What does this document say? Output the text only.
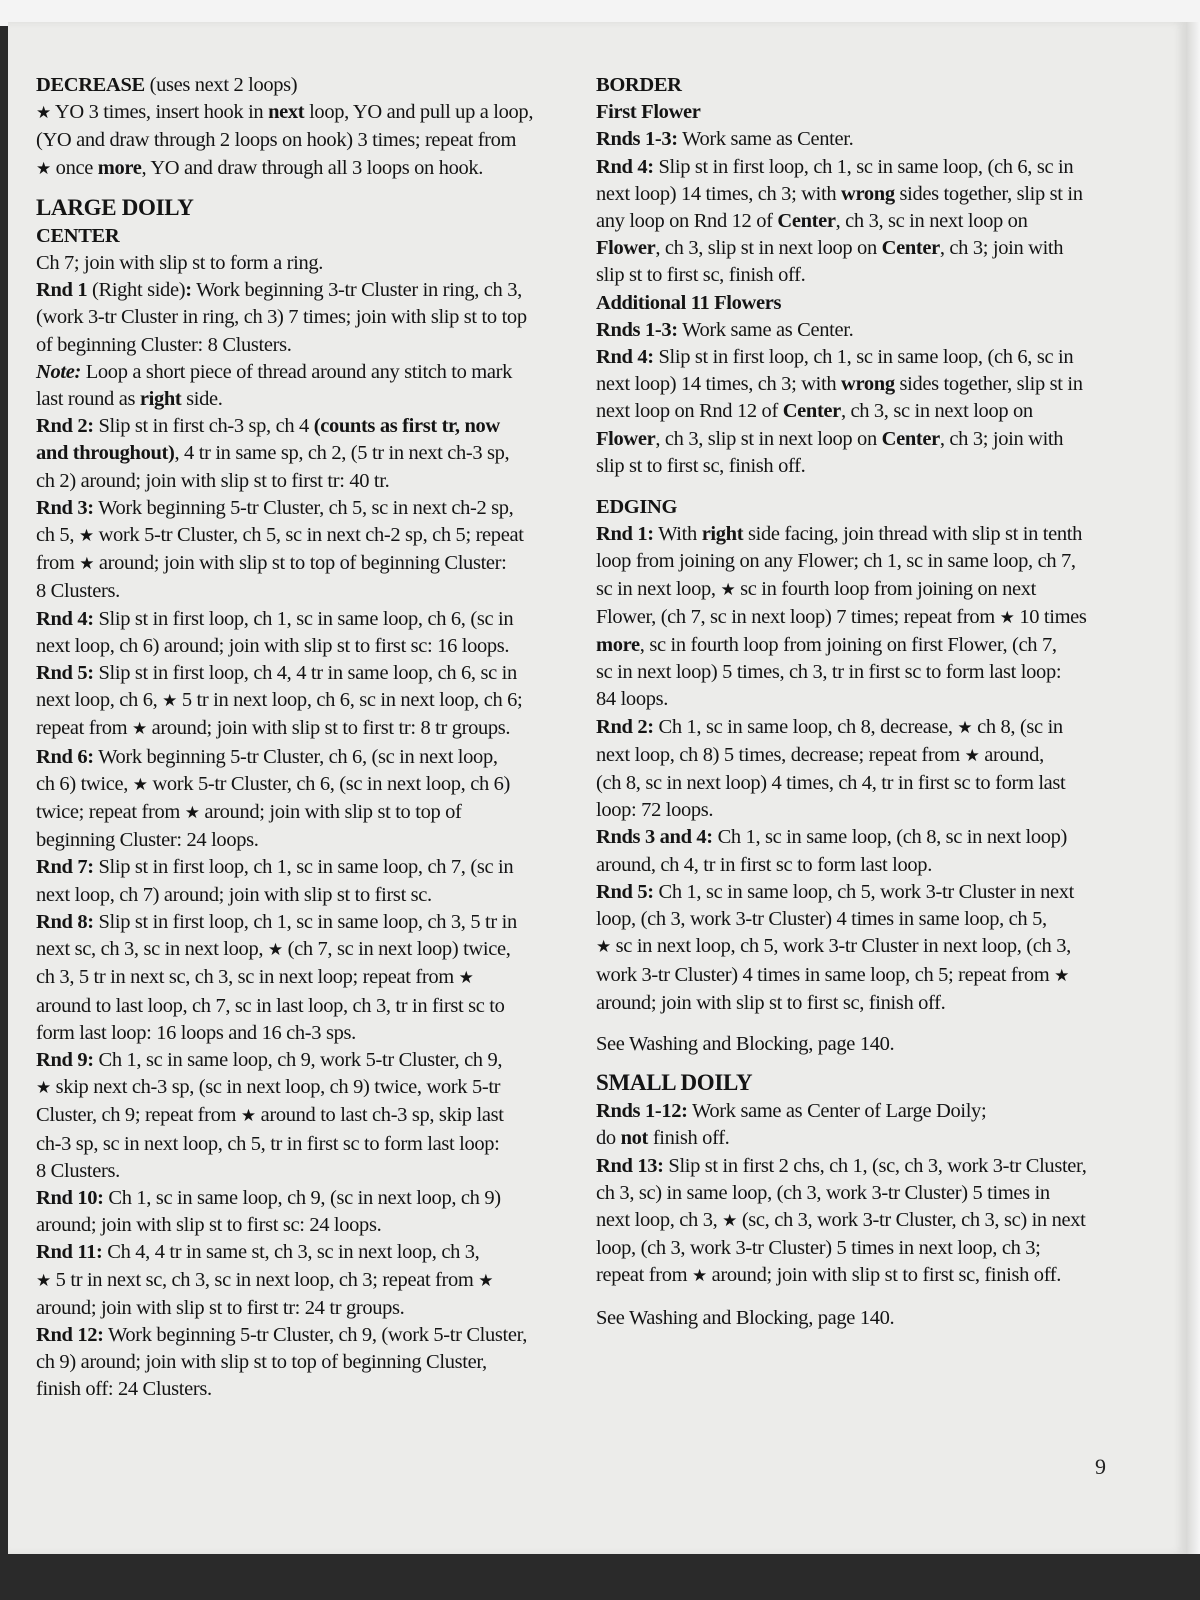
DECREASE (uses next 2 loops)
★ YO 3 times, insert hook in next loop, YO and pull up a loop,
(YO and draw through 2 loops on hook) 3 times; repeat from
★ once more, YO and draw through all 3 loops on hook.
LARGE DOILY
CENTER
Ch 7; join with slip st to form a ring.
Rnd 1 (Right side): Work beginning 3-tr Cluster in ring, ch 3,
(work 3-tr Cluster in ring, ch 3) 7 times; join with slip st to top
of beginning Cluster: 8 Clusters.
Note: Loop a short piece of thread around any stitch to mark
last round as right side.
Rnd 2: Slip st in first ch-3 sp, ch 4 (counts as first tr, now
and throughout), 4 tr in same sp, ch 2, (5 tr in next ch-3 sp,
ch 2) around; join with slip st to first tr: 40 tr.
Rnd 3: Work beginning 5-tr Cluster, ch 5, sc in next ch-2 sp,
ch 5, ★ work 5-tr Cluster, ch 5, sc in next ch-2 sp, ch 5; repeat
from ★ around; join with slip st to top of beginning Cluster:
8 Clusters.
Rnd 4: Slip st in first loop, ch 1, sc in same loop, ch 6, (sc in
next loop, ch 6) around; join with slip st to first sc: 16 loops.
Rnd 5: Slip st in first loop, ch 4, 4 tr in same loop, ch 6, sc in
next loop, ch 6, ★ 5 tr in next loop, ch 6, sc in next loop, ch 6;
repeat from ★ around; join with slip st to first tr: 8 tr groups.
Rnd 6: Work beginning 5-tr Cluster, ch 6, (sc in next loop,
ch 6) twice, ★ work 5-tr Cluster, ch 6, (sc in next loop, ch 6)
twice; repeat from ★ around; join with slip st to top of
beginning Cluster: 24 loops.
Rnd 7: Slip st in first loop, ch 1, sc in same loop, ch 7, (sc in
next loop, ch 7) around; join with slip st to first sc.
Rnd 8: Slip st in first loop, ch 1, sc in same loop, ch 3, 5 tr in
next sc, ch 3, sc in next loop, ★ (ch 7, sc in next loop) twice,
ch 3, 5 tr in next sc, ch 3, sc in next loop; repeat from ★
around to last loop, ch 7, sc in last loop, ch 3, tr in first sc to
form last loop: 16 loops and 16 ch-3 sps.
Rnd 9: Ch 1, sc in same loop, ch 9, work 5-tr Cluster, ch 9,
★ skip next ch-3 sp, (sc in next loop, ch 9) twice, work 5-tr
Cluster, ch 9; repeat from ★ around to last ch-3 sp, skip last
ch-3 sp, sc in next loop, ch 5, tr in first sc to form last loop:
8 Clusters.
Rnd 10: Ch 1, sc in same loop, ch 9, (sc in next loop, ch 9)
around; join with slip st to first sc: 24 loops.
Rnd 11: Ch 4, 4 tr in same st, ch 3, sc in next loop, ch 3,
★ 5 tr in next sc, ch 3, sc in next loop, ch 3; repeat from ★
around; join with slip st to first tr: 24 tr groups.
Rnd 12: Work beginning 5-tr Cluster, ch 9, (work 5-tr Cluster,
ch 9) around; join with slip st to top of beginning Cluster,
finish off: 24 Clusters.
BORDER
First Flower
Rnds 1-3: Work same as Center.
Rnd 4: Slip st in first loop, ch 1, sc in same loop, (ch 6, sc in
next loop) 14 times, ch 3; with wrong sides together, slip st in
any loop on Rnd 12 of Center, ch 3, sc in next loop on
Flower, ch 3, slip st in next loop on Center, ch 3; join with
slip st to first sc, finish off.
Additional 11 Flowers
Rnds 1-3: Work same as Center.
Rnd 4: Slip st in first loop, ch 1, sc in same loop, (ch 6, sc in
next loop) 14 times, ch 3; with wrong sides together, slip st in
next loop on Rnd 12 of Center, ch 3, sc in next loop on
Flower, ch 3, slip st in next loop on Center, ch 3; join with
slip st to first sc, finish off.
EDGING
Rnd 1: With right side facing, join thread with slip st in tenth
loop from joining on any Flower; ch 1, sc in same loop, ch 7,
sc in next loop, ★ sc in fourth loop from joining on next
Flower, (ch 7, sc in next loop) 7 times; repeat from ★ 10 times
more, sc in fourth loop from joining on first Flower, (ch 7,
sc in next loop) 5 times, ch 3, tr in first sc to form last loop:
84 loops.
Rnd 2: Ch 1, sc in same loop, ch 8, decrease, ★ ch 8, (sc in
next loop, ch 8) 5 times, decrease; repeat from ★ around,
(ch 8, sc in next loop) 4 times, ch 4, tr in first sc to form last
loop: 72 loops.
Rnds 3 and 4: Ch 1, sc in same loop, (ch 8, sc in next loop)
around, ch 4, tr in first sc to form last loop.
Rnd 5: Ch 1, sc in same loop, ch 5, work 3-tr Cluster in next
loop, (ch 3, work 3-tr Cluster) 4 times in same loop, ch 5,
★ sc in next loop, ch 5, work 3-tr Cluster in next loop, (ch 3,
work 3-tr Cluster) 4 times in same loop, ch 5; repeat from ★
around; join with slip st to first sc, finish off.
See Washing and Blocking, page 140.
SMALL DOILY
Rnds 1-12: Work same as Center of Large Doily;
do not finish off.
Rnd 13: Slip st in first 2 chs, ch 1, (sc, ch 3, work 3-tr Cluster,
ch 3, sc) in same loop, (ch 3, work 3-tr Cluster) 5 times in
next loop, ch 3, ★ (sc, ch 3, work 3-tr Cluster, ch 3, sc) in next
loop, (ch 3, work 3-tr Cluster) 5 times in next loop, ch 3;
repeat from ★ around; join with slip st to first sc, finish off.
See Washing and Blocking, page 140.
9
